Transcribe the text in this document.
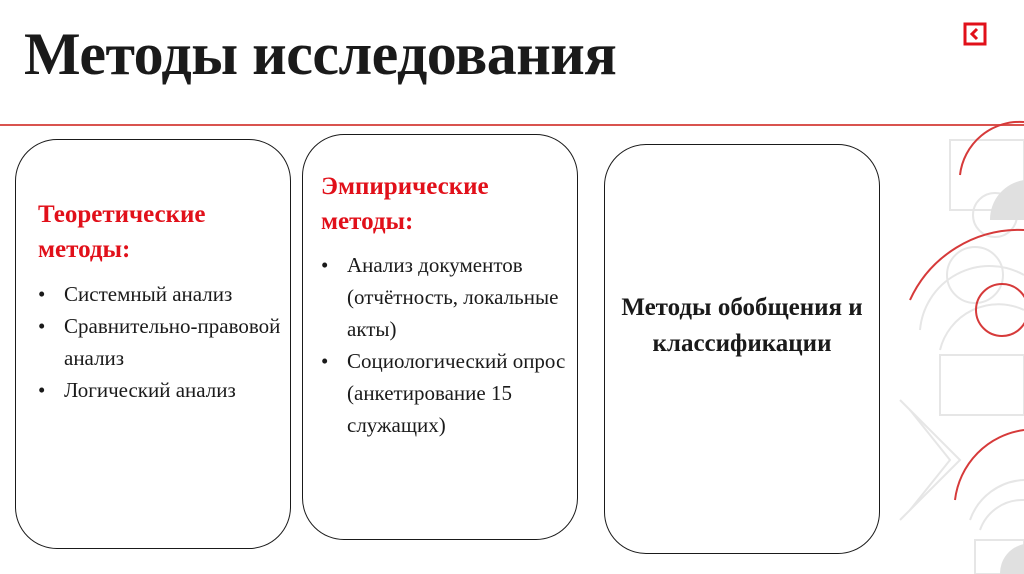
Методы исследования
Теоретические методы:
• Системный анализ
• Сравнительно-правовой анализ
• Логический анализ
Эмпирические методы:
• Анализ документов (отчётность, локальные акты)
• Социологический опрос (анкетирование 15 служащих)

Методы обобщения и классификации
